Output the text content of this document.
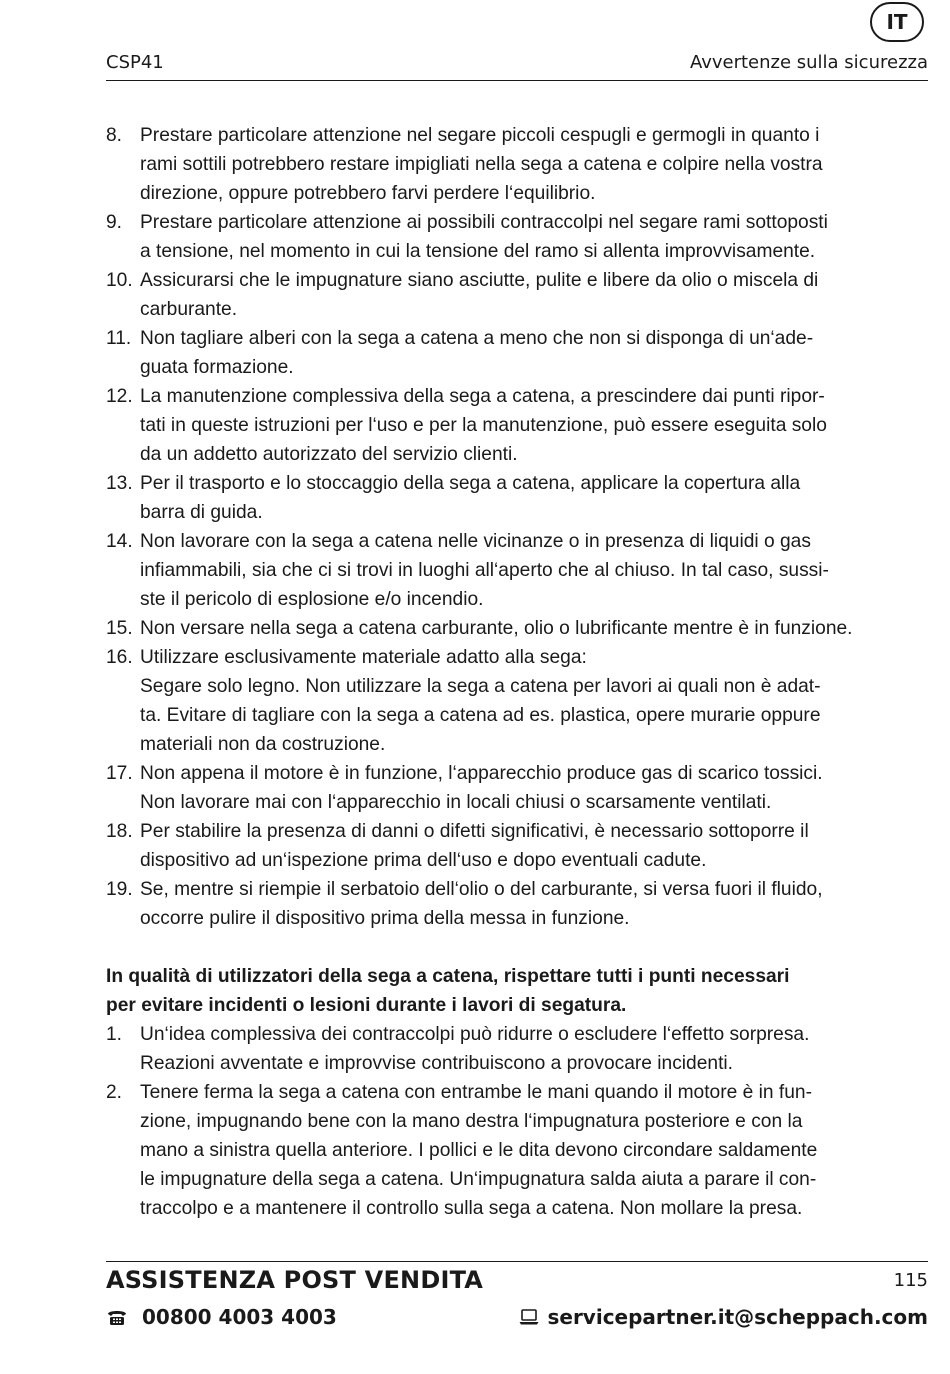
IT
CSP41	Avvertenze sulla sicurezza
8. Prestare particolare attenzione nel segare piccoli cespugli e germogli in quanto i
rami sottili potrebbero restare impigliati nella sega a catena e colpire nella vostra
direzione, oppure potrebbero farvi perdere l‘equilibrio.
9. Prestare particolare attenzione ai possibili contraccolpi nel segare rami sottoposti
a tensione, nel momento in cui la tensione del ramo si allenta improvvisamente.
10. Assicurarsi che le impugnature siano asciutte, pulite e libere da olio o miscela di
carburante.
11. Non tagliare alberi con la sega a catena a meno che non si disponga di un‘ade-
guata formazione.
12. La manutenzione complessiva della sega a catena, a prescindere dai punti ripor-
tati in queste istruzioni per l‘uso e per la manutenzione, può essere eseguita solo
da un addetto autorizzato del servizio clienti.
13. Per il trasporto e lo stoccaggio della sega a catena, applicare la copertura alla
barra di guida.
14. Non lavorare con la sega a catena nelle vicinanze o in presenza di liquidi o gas
infiammabili, sia che ci si trovi in luoghi all‘aperto che al chiuso. In tal caso, sussi-
ste il pericolo di esplosione e/o incendio.
15. Non versare nella sega a catena carburante, olio o lubrificante mentre è in funzione.
16. Utilizzare esclusivamente materiale adatto alla sega:
Segare solo legno. Non utilizzare la sega a catena per lavori ai quali non è adat-
ta. Evitare di tagliare con la sega a catena ad es. plastica, opere murarie oppure
materiali non da costruzione.
17. Non appena il motore è in funzione, l‘apparecchio produce gas di scarico tossici.
Non lavorare mai con l‘apparecchio in locali chiusi o scarsamente ventilati.
18. Per stabilire la presenza di danni o difetti significativi, è necessario sottoporre il
dispositivo ad un‘ispezione prima dell‘uso e dopo eventuali cadute.
19. Se, mentre si riempie il serbatoio dell‘olio o del carburante, si versa fuori il fluido,
occorre pulire il dispositivo prima della messa in funzione.
In qualità di utilizzatori della sega a catena, rispettare tutti i punti necessari
per evitare incidenti o lesioni durante i lavori di segatura.
1. Un‘idea complessiva dei contraccolpi può ridurre o escludere l‘effetto sorpresa.
Reazioni avventate e improvvise contribuiscono a provocare incidenti.
2. Tenere ferma la sega a catena con entrambe le mani quando il motore è in fun-
zione, impugnando bene con la mano destra l‘impugnatura posteriore e con la
mano a sinistra quella anteriore. I pollici e le dita devono circondare saldamente
le impugnature della sega a catena. Un‘impugnatura salda aiuta a parare il con-
traccolpo e a mantenere il controllo sulla sega a catena. Non mollare la presa.
ASSISTENZA POST VENDITA	115
00800 4003 4003	servicepartner.it@scheppach.com
